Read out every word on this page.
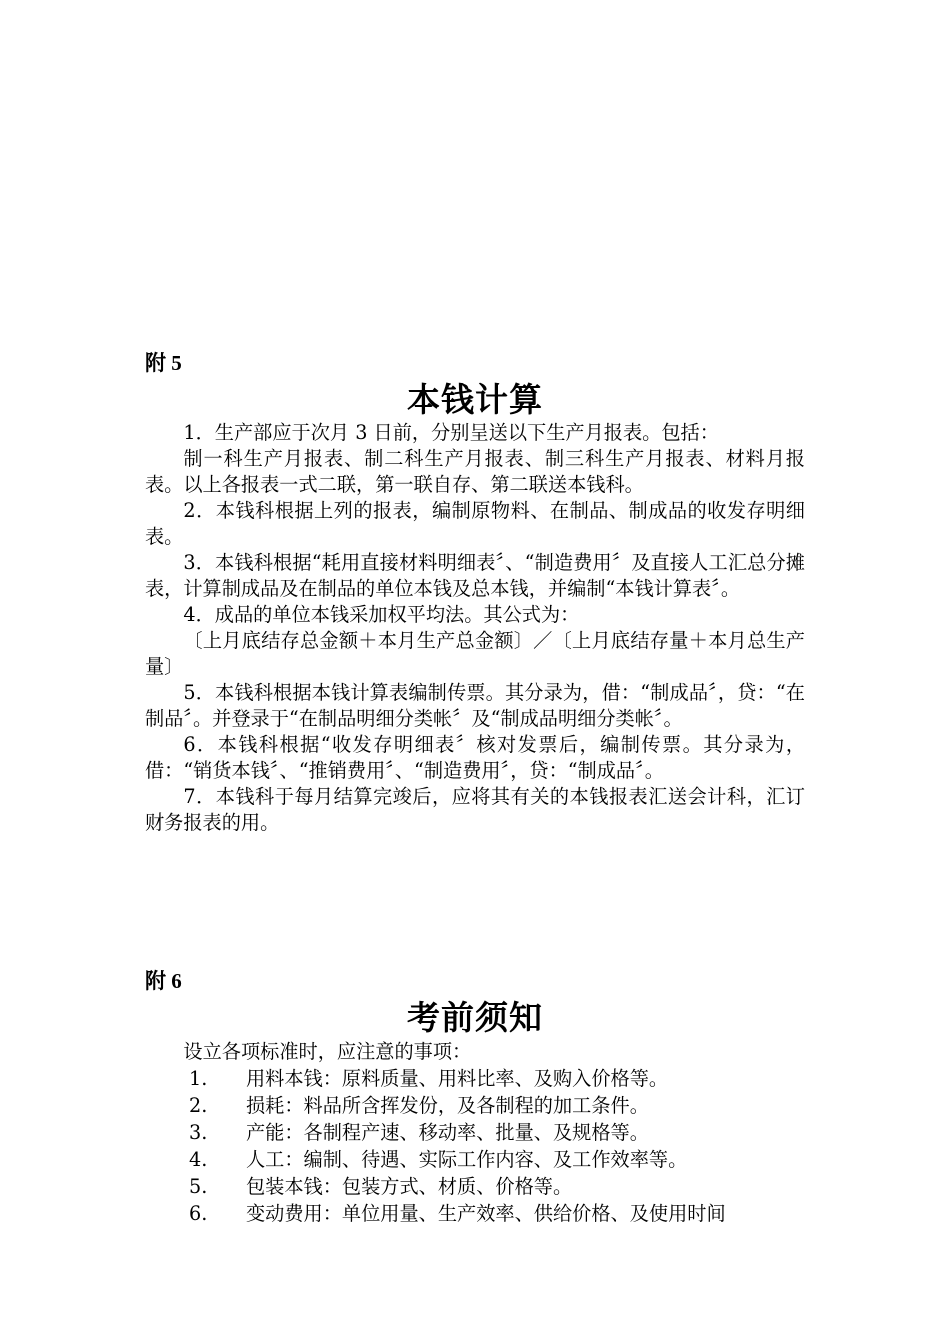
附 5
本钱计算

1．生产部应于次月 3 日前，分别呈送以下生产月报表。包括：

制一科生产月报表、制二科生产月报表、制三科生产月报表、材料月报表。以上各报表一式二联，第一联自存、第二联送本钱科。

2．本钱科根据上列的报表，编制原物料、在制品、制成品的收发存明细表。

3．本钱科根据“耗用直接材料明细表〞、“制造费用〞及直接人工汇总分摊表，计算制成品及在制品的单位本钱及总本钱，并编制“本钱计算表〞。

4．成品的单位本钱采加权平均法。其公式为：

〔上月底结存总金额＋本月生产总金额〕／〔上月底结存量＋本月总生产量〕

5．本钱科根据本钱计算表编制传票。其分录为，借：“制成品〞，贷：“在制品〞。并登录于“在制品明细分类帐〞及“制成品明细分类帐〞。

6．本钱科根据“收发存明细表〞核对发票后，编制传票。其分录为，借：“销货本钱〞、“推销费用〞、“制造费用〞，贷：“制成品〞。

7．本钱科于每月结算完竣后，应将其有关的本钱报表汇送会计科，汇订财务报表的用。

附 6
考前须知

设立各项标准时，应注意的事项：

1.	用料本钱：原料质量、用料比率、及购入价格等。
2.	损耗：料品所含挥发份，及各制程的加工条件。
3.	产能：各制程产速、移动率、批量、及规格等。
4.	人工：编制、待遇、实际工作内容、及工作效率等。
5.	包装本钱：包装方式、材质、价格等。
6.	变动费用：单位用量、生产效率、供给价格、及使用时间
